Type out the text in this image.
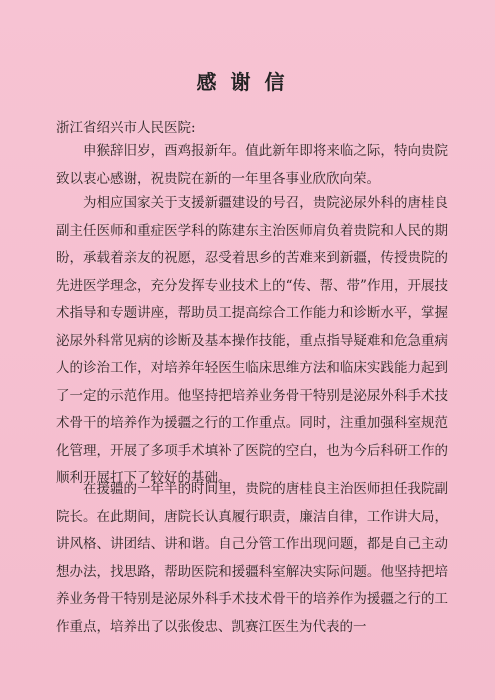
感谢信
浙江省绍兴市人民医院:
申猴辞旧岁，酉鸡报新年。值此新年即将来临之际，特向贵院致以衷心感谢，祝贵院在新的一年里各事业欣欣向荣。
为相应国家关于支援新疆建设的号召，贵院泌尿外科的唐桂良副主任医师和重症医学科的陈建东主治医师肩负着贵院和人民的期盼，承载着亲友的祝愿，忍受着思乡的苦难来到新疆，传授贵院的先进医学理念，充分发挥专业技术上的“传、帮、带”作用，开展技术指导和专题讲座，帮助员工提高综合工作能力和诊断水平，掌握泌尿外科常见病的诊断及基本操作技能，重点指导疑难和危急重病人的诊治工作，对培养年轻医生临床思维方法和临床实践能力起到了一定的示范作用。他坚持把培养业务骨干特别是泌尿外科手术技术骨干的培养作为援疆之行的工作重点。同时，注重加强科室规范化管理，开展了多项手术填补了医院的空白，也为今后科研工作的顺利开展打下了较好的基础。
在援疆的一年半的时间里，贵院的唐桂良主治医师担任我院副院长。在此期间，唐院长认真履行职责，廉洁自律，工作讲大局，讲风格、讲团结、讲和谐。自己分管工作出现问题，都是自己主动想办法，找思路，帮助医院和援疆科室解决实际问题。他坚持把培养业务骨干特别是泌尿外科手术技术骨干的培养作为援疆之行的工作重点，培养出了以张俊忠、凯赛江医生为代表的一
